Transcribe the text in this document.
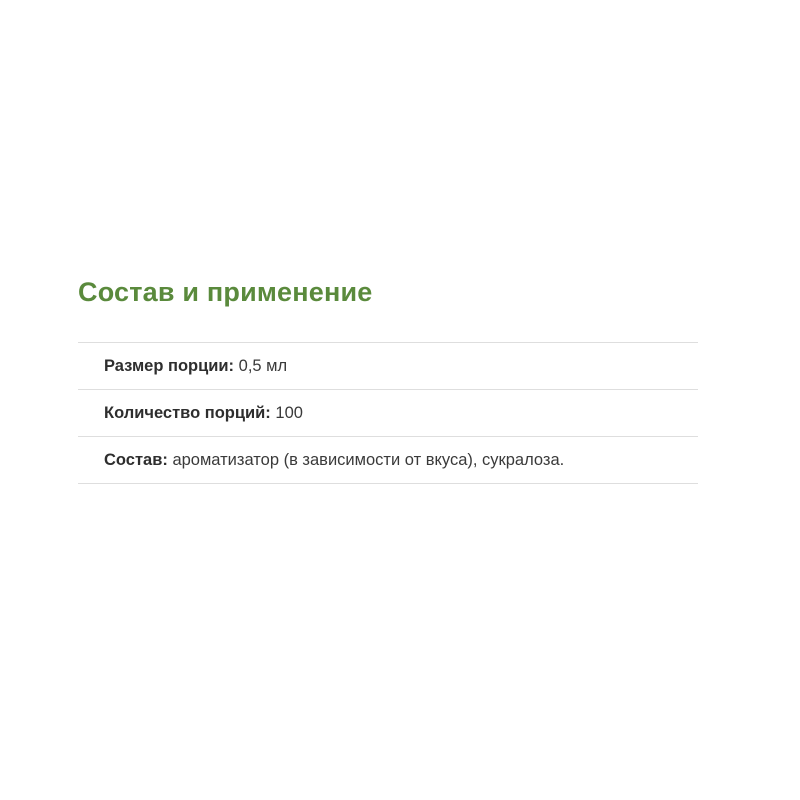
Состав и применение
Размер порции: 0,5 мл
Количество порций: 100
Состав: ароматизатор (в зависимости от вкуса), сукралоза.
